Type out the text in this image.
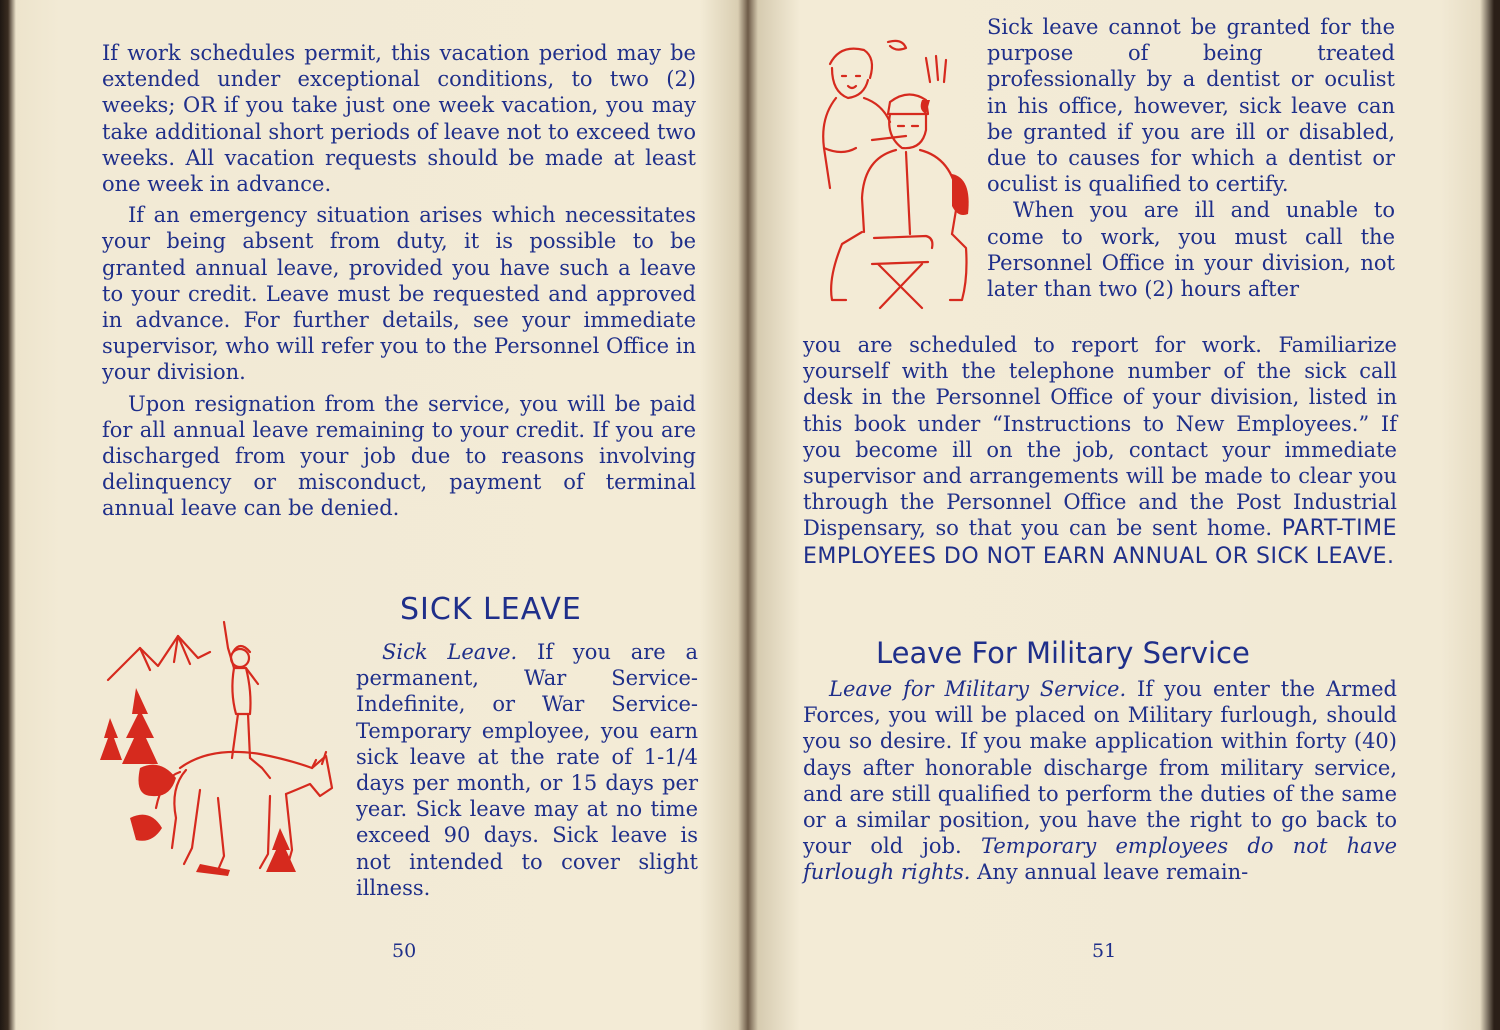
If work schedules permit, this vacation period may be extended under exceptional conditions, to two (2) weeks; OR if you take just one week vacation, you may take additional short periods of leave not to exceed two weeks. All vacation requests should be made at least one week in advance.

If an emergency situation arises which necessitates your being absent from duty, it is possible to be granted annual leave, provided you have such a leave to your credit. Leave must be requested and approved in advance. For further details, see your immediate supervisor, who will refer you to the Personnel Office in your division.

Upon resignation from the service, you will be paid for all annual leave remaining to your credit. If you are discharged from your job due to reasons involving delinquency or misconduct, payment of terminal annual leave can be denied.

SICK LEAVE

Sick Leave. If you are a permanent, War Service-Indefinite, or War Service-Temporary employee, you earn sick leave at the rate of 1-1/4 days per month, or 15 days per year. Sick leave may at no time exceed 90 days. Sick leave is not intended to cover slight illness.

50

Sick leave cannot be granted for the purpose of being treated professionally by a dentist or oculist in his office, however, sick leave can be granted if you are ill or disabled, due to causes for which a dentist or oculist is qualified to certify.

When you are ill and unable to come to work, you must call the Personnel Office in your division, not later than two (2) hours after

you are scheduled to report for work. Familiarize yourself with the telephone number of the sick call desk in the Personnel Office of your division, listed in this book under “Instructions to New Employees.” If you become ill on the job, contact your immediate supervisor and arrangements will be made to clear you through the Personnel Office and the Post Industrial Dispensary, so that you can be sent home. PART-TIME EMPLOYEES DO NOT EARN ANNUAL OR SICK LEAVE.

Leave For Military Service

Leave for Military Service. If you enter the Armed Forces, you will be placed on Military furlough, should you so desire. If you make application within forty (40) days after honorable discharge from military service, and are still qualified to perform the duties of the same or a similar position, you have the right to go back to your old job. Temporary employees do not have furlough rights. Any annual leave remain-

51
